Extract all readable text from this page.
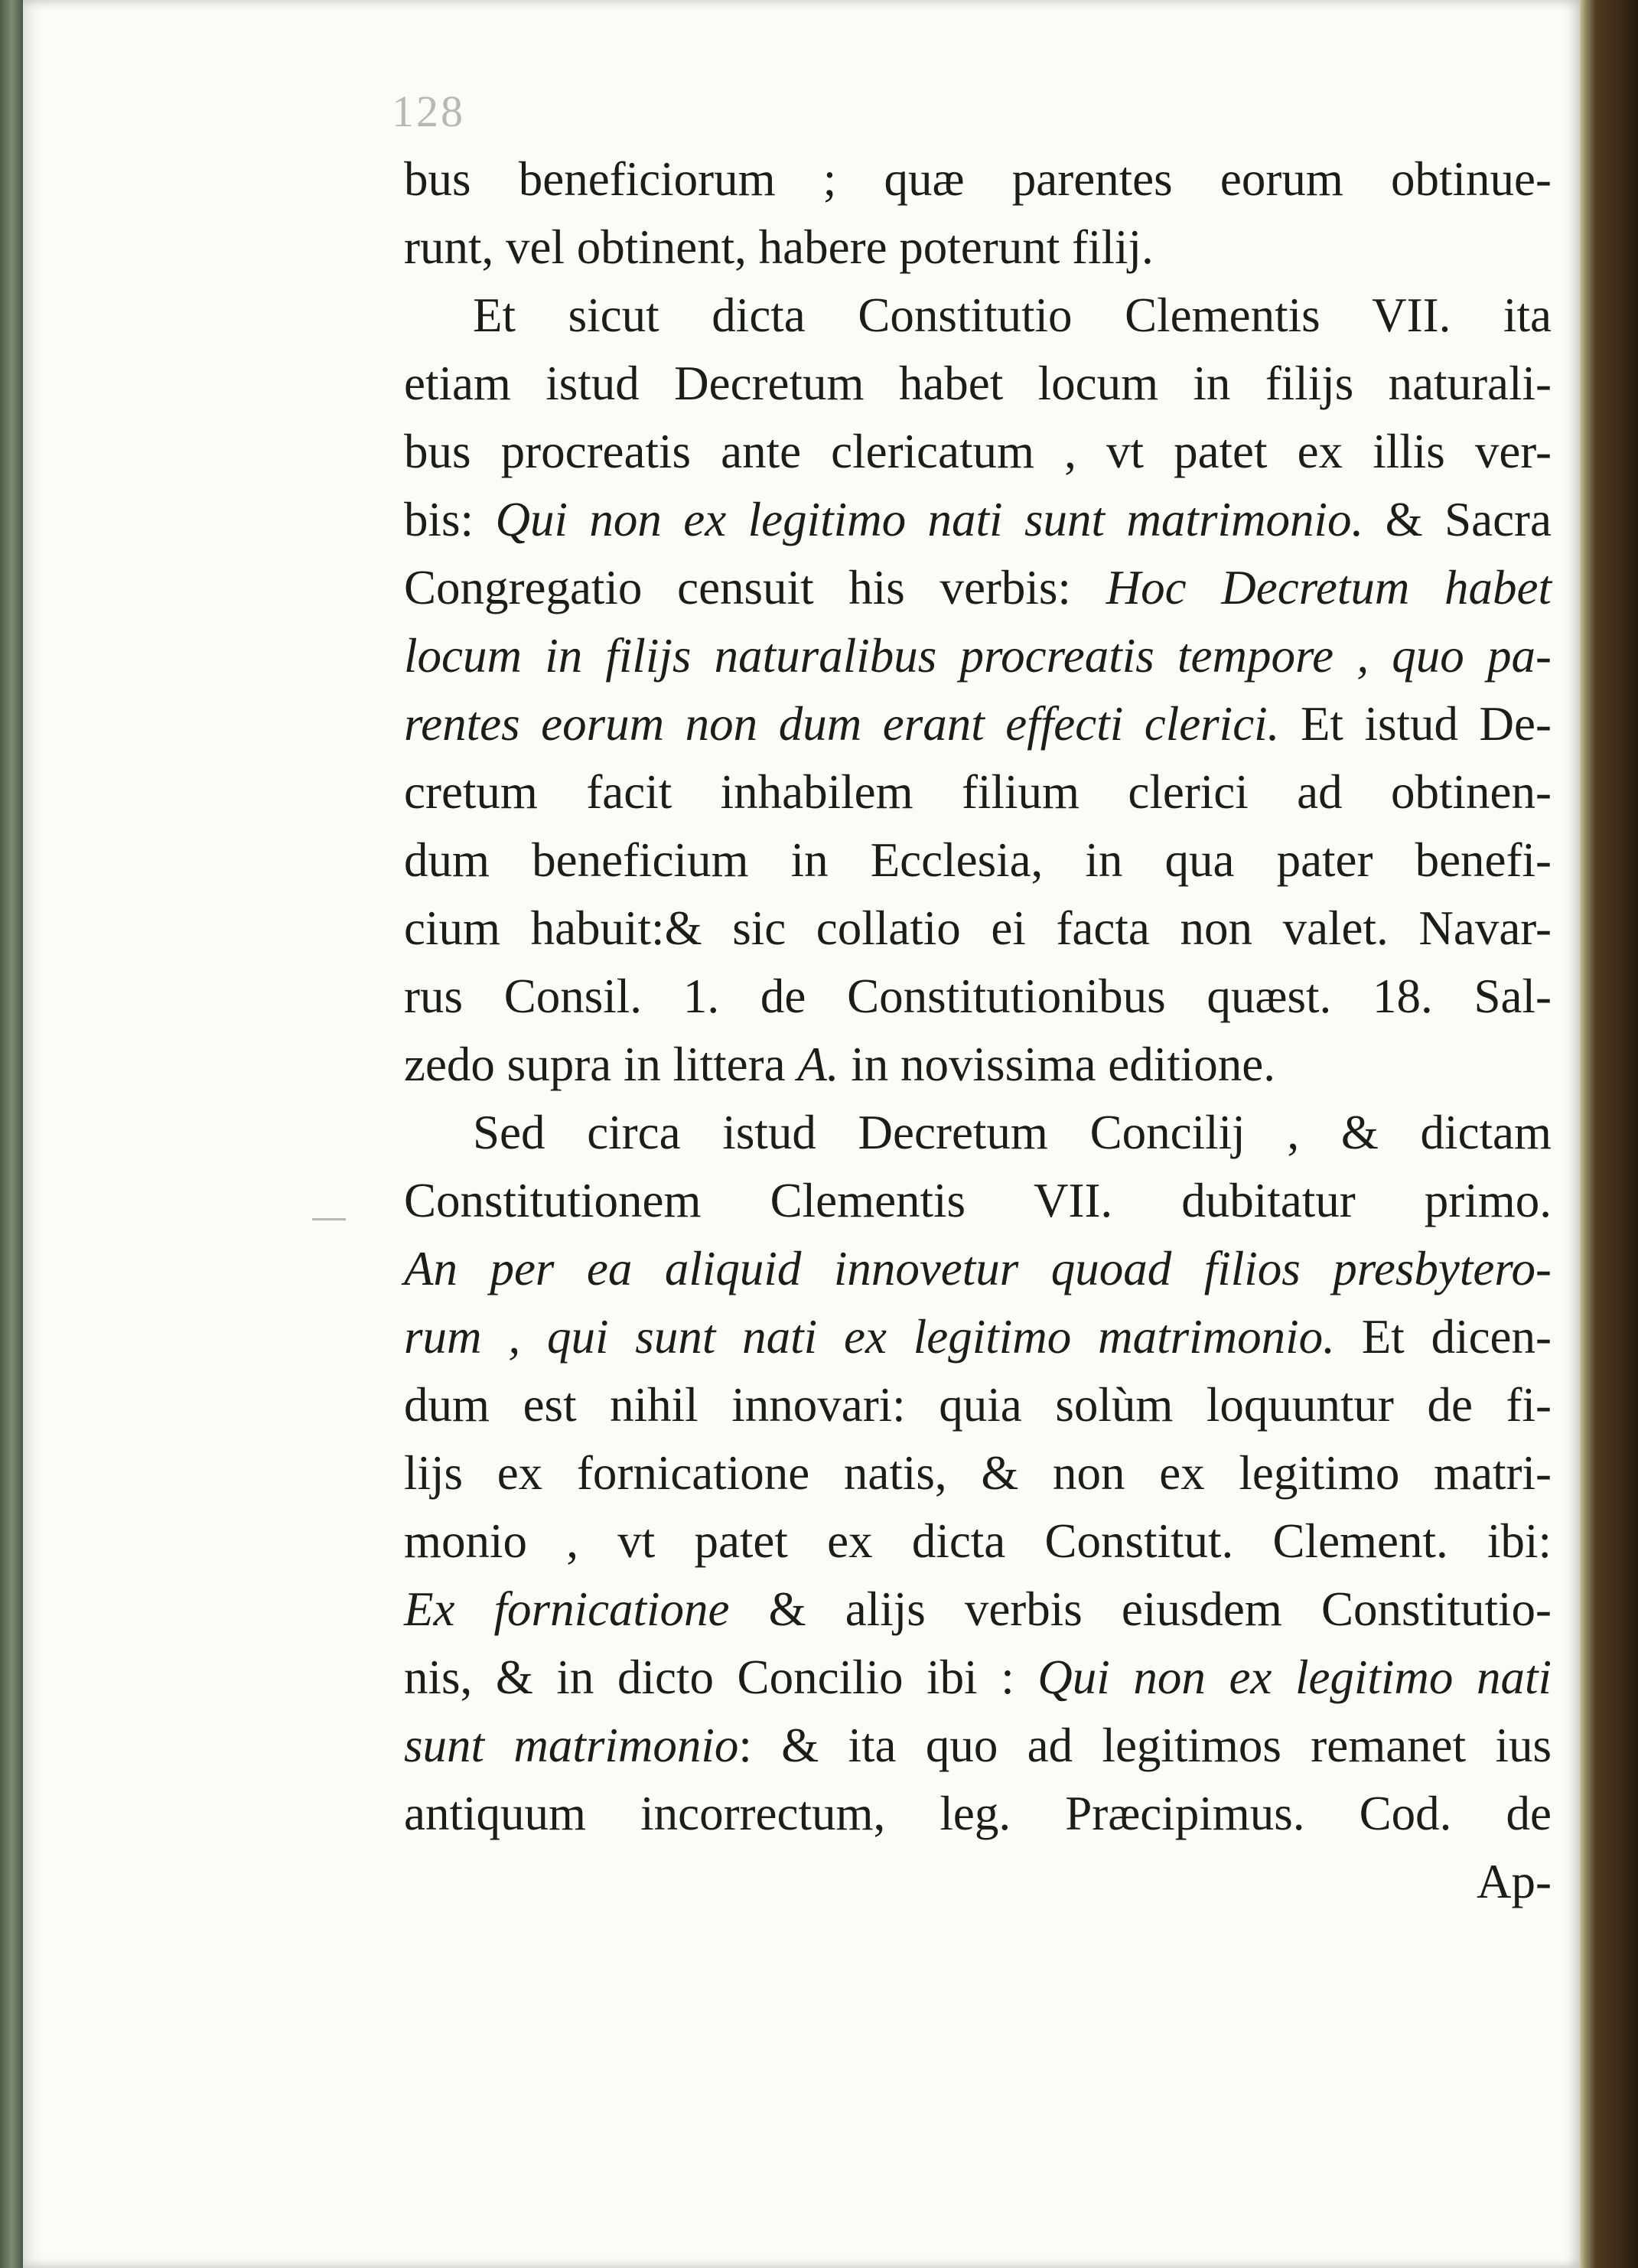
128
bus beneficiorum ; quæ parentes eorum obtinue-
runt, vel obtinent, habere poterunt filij.
Et sicut dicta Constitutio Clementis VII. ita
etiam istud Decretum habet locum in filijs naturali-
bus procreatis ante clericatum , vt patet ex illis ver-
bis: Qui non ex legitimo nati sunt matrimonio. & Sacra
Congregatio censuit his verbis: Hoc Decretum habet
locum in filijs naturalibus procreatis tempore , quo pa-
rentes eorum non dum erant effecti clerici. Et istud De-
cretum facit inhabilem filium clerici ad obtinen-
dum beneficium in Ecclesia, in qua pater benefi-
cium habuit:& sic collatio ei facta non valet. Navar-
rus Consil. 1. de Constitutionibus quæst. 18. Sal-
zedo supra in littera A. in novissima editione.
Sed circa istud Decretum Concilij , & dictam
Constitutionem Clementis VII. dubitatur primo.
An per ea aliquid innovetur quoad filios presbytero-
rum , qui sunt nati ex legitimo matrimonio. Et dicen-
dum est nihil innovari: quia solùm loquuntur de fi-
lijs ex fornicatione natis, & non ex legitimo matri-
monio , vt patet ex dicta Constitut. Clement. ibi:
Ex fornicatione & alijs verbis eiusdem Constitutio-
nis, & in dicto Concilio ibi : Qui non ex legitimo nati
sunt matrimonio: & ita quo ad legitimos remanet ius
antiquum incorrectum, leg. Præcipimus. Cod. de
Ap-
